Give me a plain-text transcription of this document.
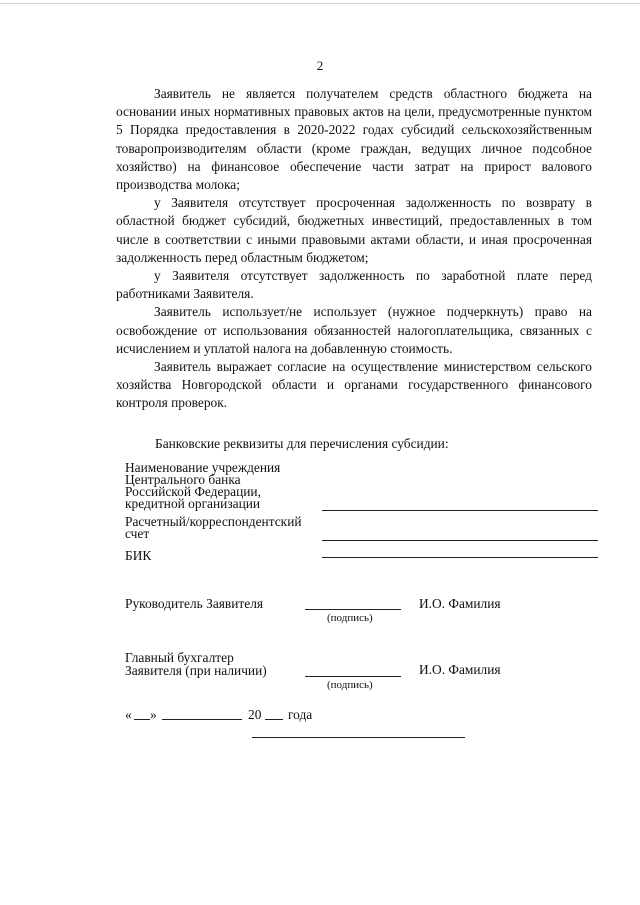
2

Заявитель не является получателем средств областного бюджета на основании иных нормативных правовых актов на цели, предусмотренные пунктом 5 Порядка предоставления в 2020-2022 годах субсидий сельскохозяйственным товаропроизводителям области (кроме граждан, ведущих личное подсобное хозяйство) на финансовое обеспечение части затрат на прирост валового производства молока;

у Заявителя отсутствует просроченная задолженность по возврату в областной бюджет субсидий, бюджетных инвестиций, предоставленных в том числе в соответствии с иными правовыми актами области, и иная просроченная задолженность перед областным бюджетом;

у Заявителя отсутствует задолженность по заработной плате перед работниками Заявителя.

Заявитель использует/не использует (нужное подчеркнуть) право на освобождение от использования обязанностей налогоплательщика, связанных с исчислением и уплатой налога на добавленную стоимость.

Заявитель выражает согласие на осуществление министерством сельского хозяйства Новгородской области и органами государственного финансового контроля проверок.

Банковские реквизиты для перечисления субсидии:
Наименование учреждения
Центрального банка
Российской Федерации,
кредитной организации
Расчетный/корреспондентский
счет
БИК
Руководитель Заявителя
(подпись)
И.О. Фамилия
Главный бухгалтер
Заявителя (при наличии)
(подпись)
И.О. Фамилия
« »	20 года
